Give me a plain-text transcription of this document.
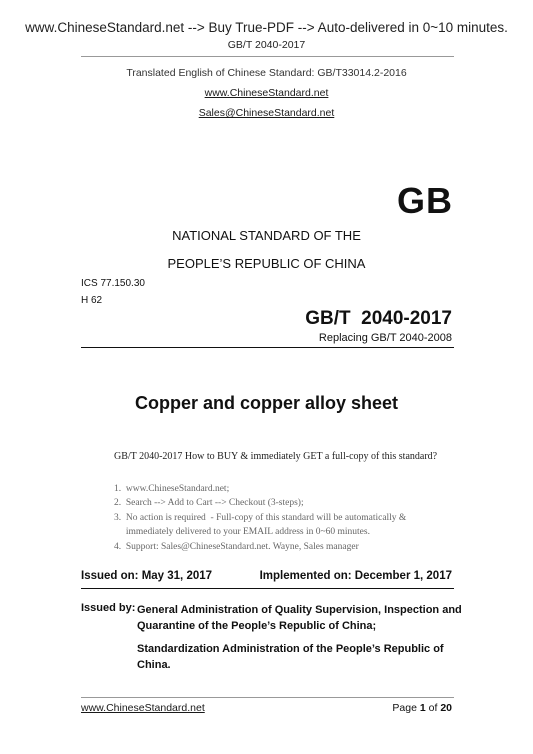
www.ChineseStandard.net --> Buy True-PDF --> Auto-delivered in 0~10 minutes.
GB/T 2040-2017
Translated English of Chinese Standard: GB/T33014.2-2016
www.ChineseStandard.net
Sales@ChineseStandard.net
GB
NATIONAL STANDARD OF THE
PEOPLE’S REPUBLIC OF CHINA
ICS 77.150.30
H 62
GB/T  2040-2017
Replacing GB/T 2040-2008
Copper and copper alloy sheet
GB/T 2040-2017 How to BUY & immediately GET a full-copy of this standard?

1.  www.ChineseStandard.net;
2.  Search --> Add to Cart --> Checkout (3-steps);
3.  No action is required  - Full-copy of this standard will be automatically &
immediately delivered to your EMAIL address in 0~60 minutes.
4.  Support: Sales@ChineseStandard.net. Wayne, Sales manager
Issued on: May 31, 2017	Implemented on: December 1, 2017
Issued by: General Administration of Quality Supervision, Inspection and
Quarantine of the People’s Republic of China;
Standardization Administration of the People’s Republic of
China.
www.ChineseStandard.net	Page 1 of 20
